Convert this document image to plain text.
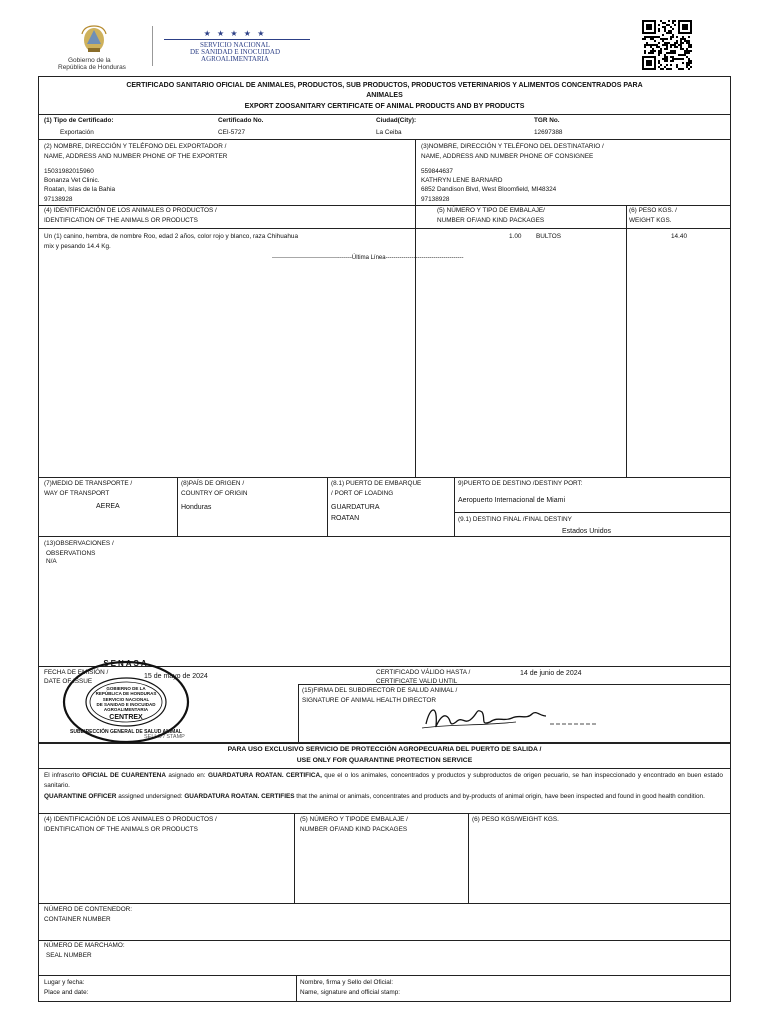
Gobierno de la
República de Honduras
★ ★ ★ ★ ★
SERVICIO NACIONAL
DE SANIDAD E INOCUIDAD
AGROALIMENTARIA
CERTIFICADO SANITARIO OFICIAL DE ANIMALES, PRODUCTOS, SUB PRODUCTOS, PRODUCTOS VETERINARIOS Y ALIMENTOS CONCENTRADOS PARA
ANIMALES
EXPORT ZOOSANITARY CERTIFICATE OF ANIMAL PRODUCTS AND BY PRODUCTS
(1) Tipo de Certificado:
Exportación
Certificado No.
CEI-5727
Ciudad(City):
La Ceiba
TGR No.
12697388
(2) NOMBRE, DIRECCIÓN Y TELÉFONO DEL EXPORTADOR /
NAME, ADDRESS AND NUMBER PHONE OF THE EXPORTER
15031982015960
Bonanza Vet Clinic.
Roatan, Islas de la Bahia
97138928
(3)NOMBRE, DIRECCIÓN Y TELÉFONO DEL DESTINATARIO /
NAME, ADDRESS AND NUMBER PHONE OF CONSIGNEE
559844637
KATHRYN LENE BARNARD
6852 Dandison Blvd, West Bloomfield, MI48324
97138928
(4) IDENTIFICACIÓN DE LOS ANIMALES O PRODUCTOS /
IDENTIFICATION OF THE ANIMALS OR PRODUCTS
(5) NÚMERO Y TIPO DE EMBALAJE/
NUMBER OF/AND KIND PACKAGES
(6) PESO KGS. /
WEIGHT KGS.
Un (1) canino, hembra, de nombre Roo, edad 2 años, color rojo y blanco, raza Chihuahua
mix y pesando 14.4 Kg.
1.00 BULTOS	14.40
----------------------------------------Última Línea---------------------------------------
(7)MEDIO DE TRANSPORTE /
WAY OF TRANSPORT
AEREA
(8)PAÍS DE ORIGEN /
COUNTRY OF ORIGIN
Honduras
(8.1) PUERTO DE EMBARQUE
/ PORT OF LOADING
GUARDATURA
ROATAN
9)PUERTO DE DESTINO /DESTINY PORT:
Aeropuerto Internacional de Miami
(9.1) DESTINO FINAL /FINAL DESTINY
Estados Unidos
(13)OBSERVACIONES /
OBSERVATIONS
N/A
FECHA DE EMISIÓN /
DATE OF ISSUE
15 de mayo de 2024
CERTIFICADO VÁLIDO HASTA /
CERTIFICATE VALID UNTIL
14 de junio de 2024
(15)FIRMA DEL SUBDIRECTOR DE SALUD ANIMAL /
SIGNATURE OF ANIMAL HEALTH DIRECTOR
SELLO / STAMP
GOBIERNO DE LA
REPÚBLICA DE HONDURAS
SERVICIO NACIONAL
DE SANIDAD E INOCUIDAD
AGROALIMENTARIA
CENTREX
SENASA
SUBDIRECCIÓN GENERAL DE SALUD ANIMAL
PARA USO EXCLUSIVO SERVICIO DE PROTECCIÓN AGROPECUARIA DEL PUERTO DE SALIDA /
USE ONLY FOR QUARANTINE PROTECTION SERVICE
El infrascrito OFICIAL DE CUARENTENA asignado en: GUARDATURA ROATAN. CERTIFICA, que el o los animales, concentrados y productos y subproductos de origen pecuario, se han inspeccionado y encontrado en buen estado sanitario.
QUARANTINE OFFICER assigned undersigned: GUARDATURA ROATAN. CERTIFIES that the animal or animals, concentrates and products and by-products of animal origin, have been inspected and found in good health condition.
(4) IDENTIFICACIÓN DE LOS ANIMALES O PRODUCTOS /
IDENTIFICATION OF THE ANIMALS OR PRODUCTS
(5) NÚMERO Y TIPODE EMBALAJE /
NUMBER OF/AND KIND PACKAGES
(6) PESO KGS/WEIGHT KGS.
NÚMERO DE CONTENEDOR:
CONTAINER NUMBER
NÚMERO DE MARCHAMO:
SEAL NUMBER
Lugar y fecha:
Place and date:
Nombre, firma y Sello del Oficial:
Name, signature and official stamp:
